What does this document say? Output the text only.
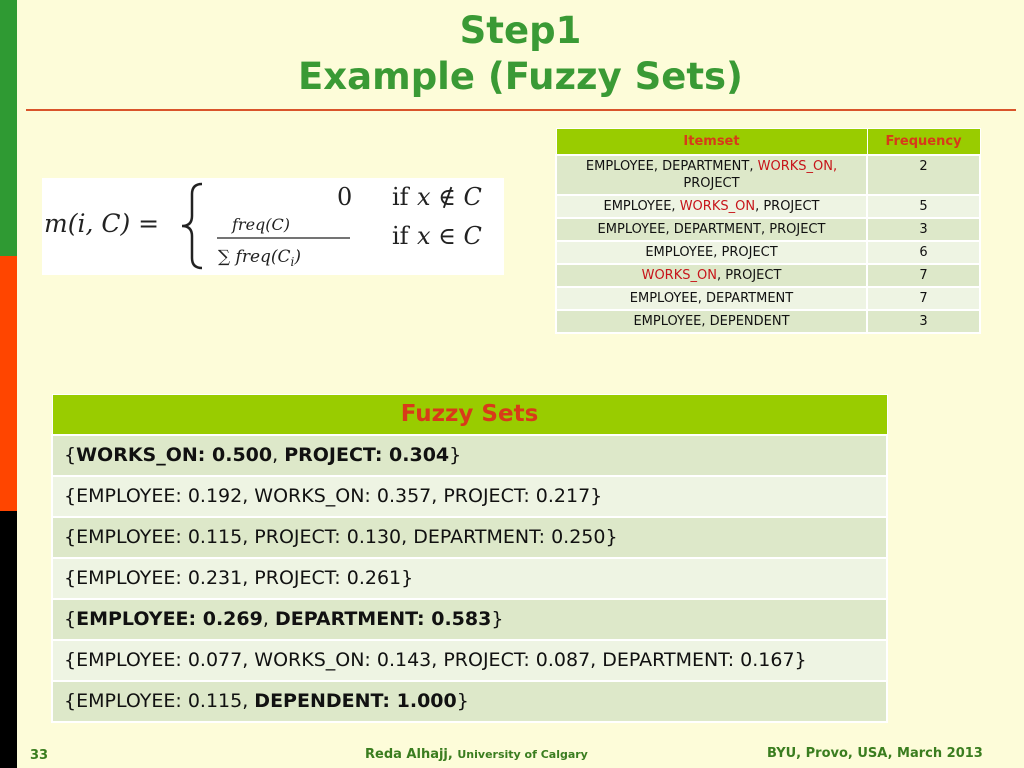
Step1
Example (Fuzzy Sets)
m(i, C) =
0 if x ∉ C
freq(C)
∑ $freq(C_i)$
if x ∈ C
Itemset	Frequency
EMPLOYEE, DEPARTMENT, WORKS_ON, PROJECT	2
EMPLOYEE, WORKS_ON, PROJECT	5
EMPLOYEE, DEPARTMENT, PROJECT	3
EMPLOYEE, PROJECT	6
WORKS_ON, PROJECT	7
EMPLOYEE, DEPARTMENT	7
EMPLOYEE, DEPENDENT	3
Fuzzy Sets
{WORKS_ON: 0.500, PROJECT: 0.304}
{EMPLOYEE: 0.192, WORKS_ON: 0.357, PROJECT: 0.217}
{EMPLOYEE: 0.115, PROJECT: 0.130, DEPARTMENT: 0.250}
{EMPLOYEE: 0.231, PROJECT: 0.261}
{EMPLOYEE: 0.269, DEPARTMENT: 0.583}
{EMPLOYEE: 0.077, WORKS_ON: 0.143, PROJECT: 0.087, DEPARTMENT: 0.167}
{EMPLOYEE: 0.115, DEPENDENT: 1.000}
33	Reda Alhajj, University of Calgary	BYU, Provo, USA, March 2013
